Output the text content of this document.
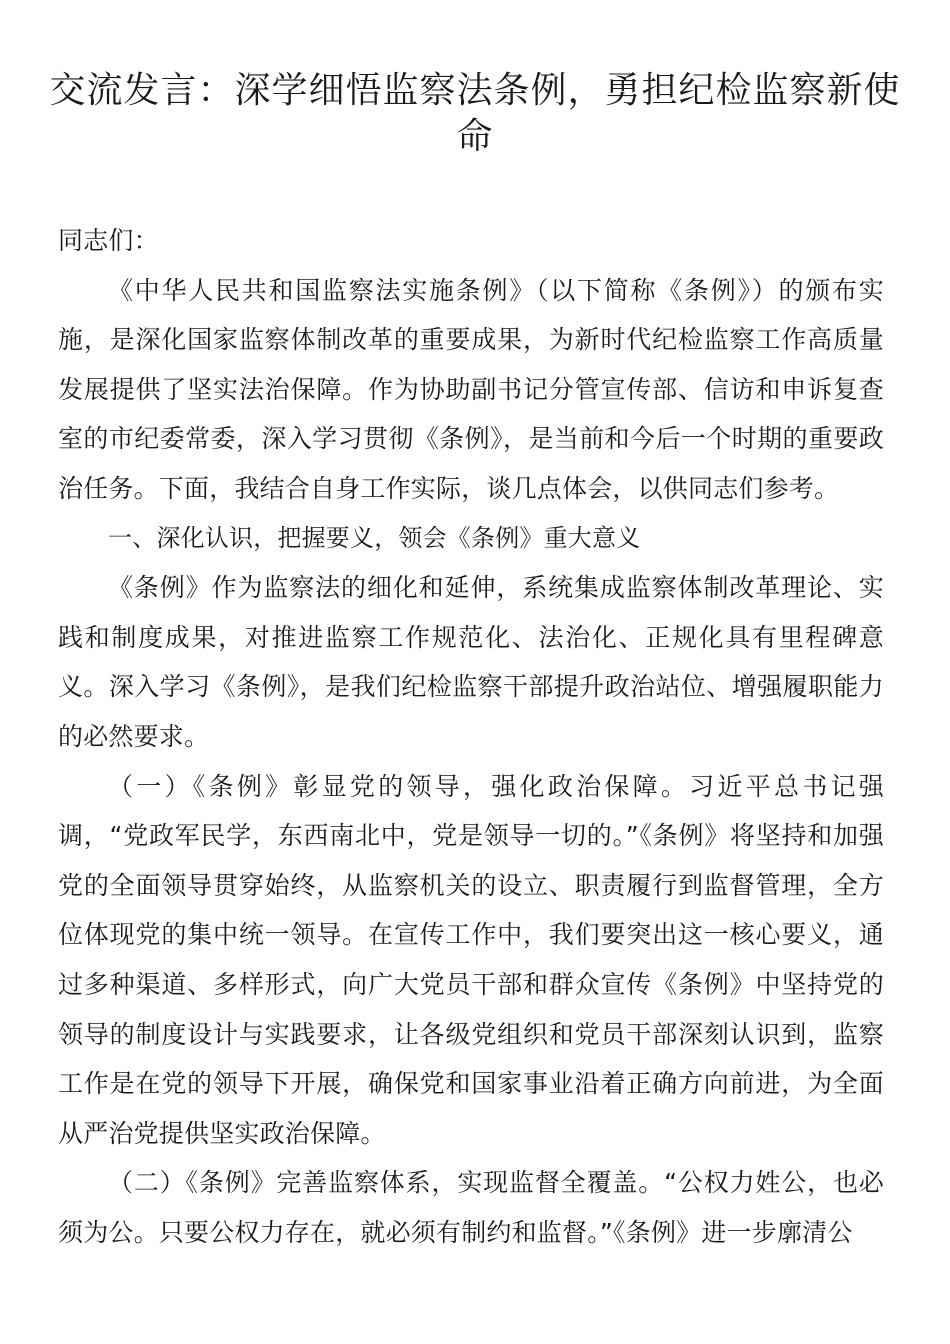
交流发言：深学细悟监察法条例，勇担纪检监察新使命

同志们：

《中华人民共和国监察法实施条例》（以下简称《条例》）的颁布实施，是深化国家监察体制改革的重要成果，为新时代纪检监察工作高质量发展提供了坚实法治保障。作为协助副书记分管宣传部、信访和申诉复查室的市纪委常委，深入学习贯彻《条例》，是当前和今后一个时期的重要政治任务。下面，我结合自身工作实际，谈几点体会，以供同志们参考。

一、深化认识，把握要义，领会《条例》重大意义

《条例》作为监察法的细化和延伸，系统集成监察体制改革理论、实践和制度成果，对推进监察工作规范化、法治化、正规化具有里程碑意义。深入学习《条例》，是我们纪检监察干部提升政治站位、增强履职能力的必然要求。

（一）《条例》彰显党的领导，强化政治保障。习近平总书记强调，“党政军民学，东西南北中，党是领导一切的。”《条例》将坚持和加强党的全面领导贯穿始终，从监察机关的设立、职责履行到监督管理，全方位体现党的集中统一领导。在宣传工作中，我们要突出这一核心要义，通过多种渠道、多样形式，向广大党员干部和群众宣传《条例》中坚持党的领导的制度设计与实践要求，让各级党组织和党员干部深刻认识到，监察工作是在党的领导下开展，确保党和国家事业沿着正确方向前进，为全面从严治党提供坚实政治保障。

（二）《条例》完善监察体系，实现监督全覆盖。“公权力姓公，也必须为公。只要公权力存在，就必须有制约和监督。”《条例》进一步廓清公
